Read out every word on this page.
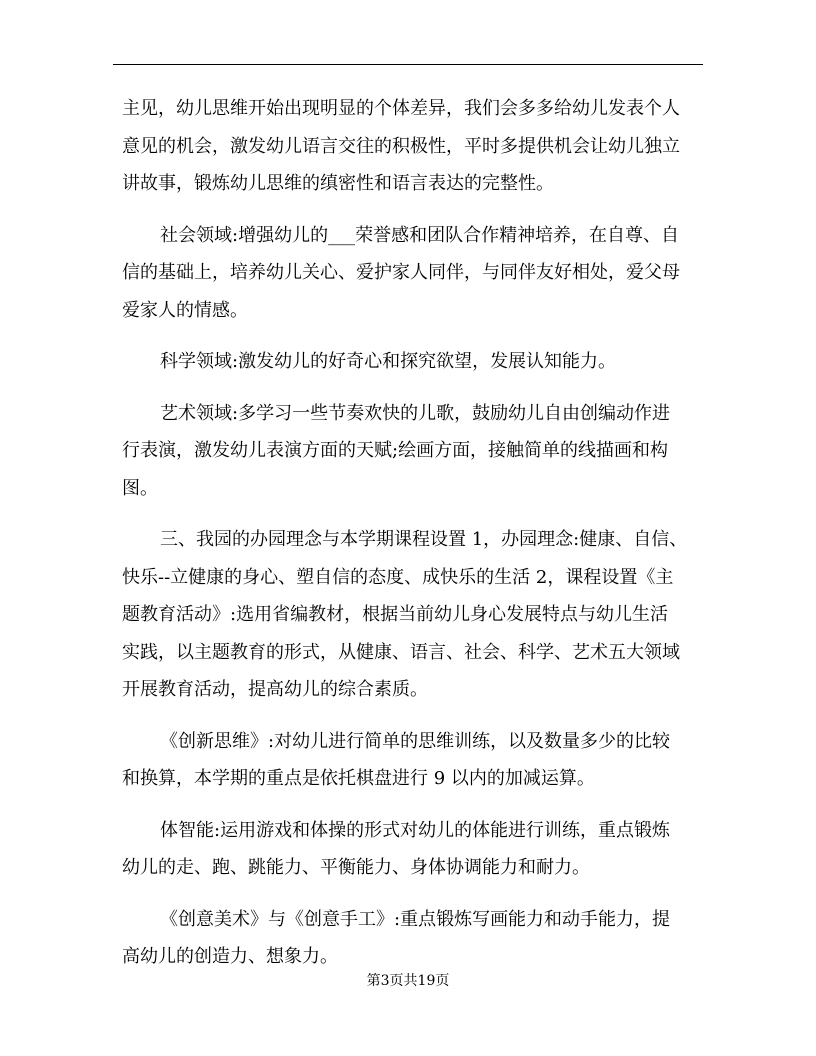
主见，幼儿思维开始出现明显的个体差异，我们会多多给幼儿发表个人
意见的机会，激发幼儿语言交往的积极性，平时多提供机会让幼儿独立
讲故事，锻炼幼儿思维的缜密性和语言表达的完整性。
社会领域:增强幼儿的___荣誉感和团队合作精神培养，在自尊、自
信的基础上，培养幼儿关心、爱护家人同伴，与同伴友好相处，爱父母
爱家人的情感。
科学领域:激发幼儿的好奇心和探究欲望，发展认知能力。
艺术领域:多学习一些节奏欢快的儿歌，鼓励幼儿自由创编动作进
行表演，激发幼儿表演方面的天赋;绘画方面，接触简单的线描画和构
图。
三、我园的办园理念与本学期课程设置 1，办园理念:健康、自信、
快乐--立健康的身心、塑自信的态度、成快乐的生活 2，课程设置《主
题教育活动》:选用省编教材，根据当前幼儿身心发展特点与幼儿生活
实践，以主题教育的形式，从健康、语言、社会、科学、艺术五大领域
开展教育活动，提高幼儿的综合素质。
《创新思维》:对幼儿进行简单的思维训练，以及数量多少的比较
和换算，本学期的重点是依托棋盘进行 9 以内的加减运算。
体智能:运用游戏和体操的形式对幼儿的体能进行训练，重点锻炼
幼儿的走、跑、跳能力、平衡能力、身体协调能力和耐力。
《创意美术》与《创意手工》:重点锻炼写画能力和动手能力，提
高幼儿的创造力、想象力。
第3页共19页
